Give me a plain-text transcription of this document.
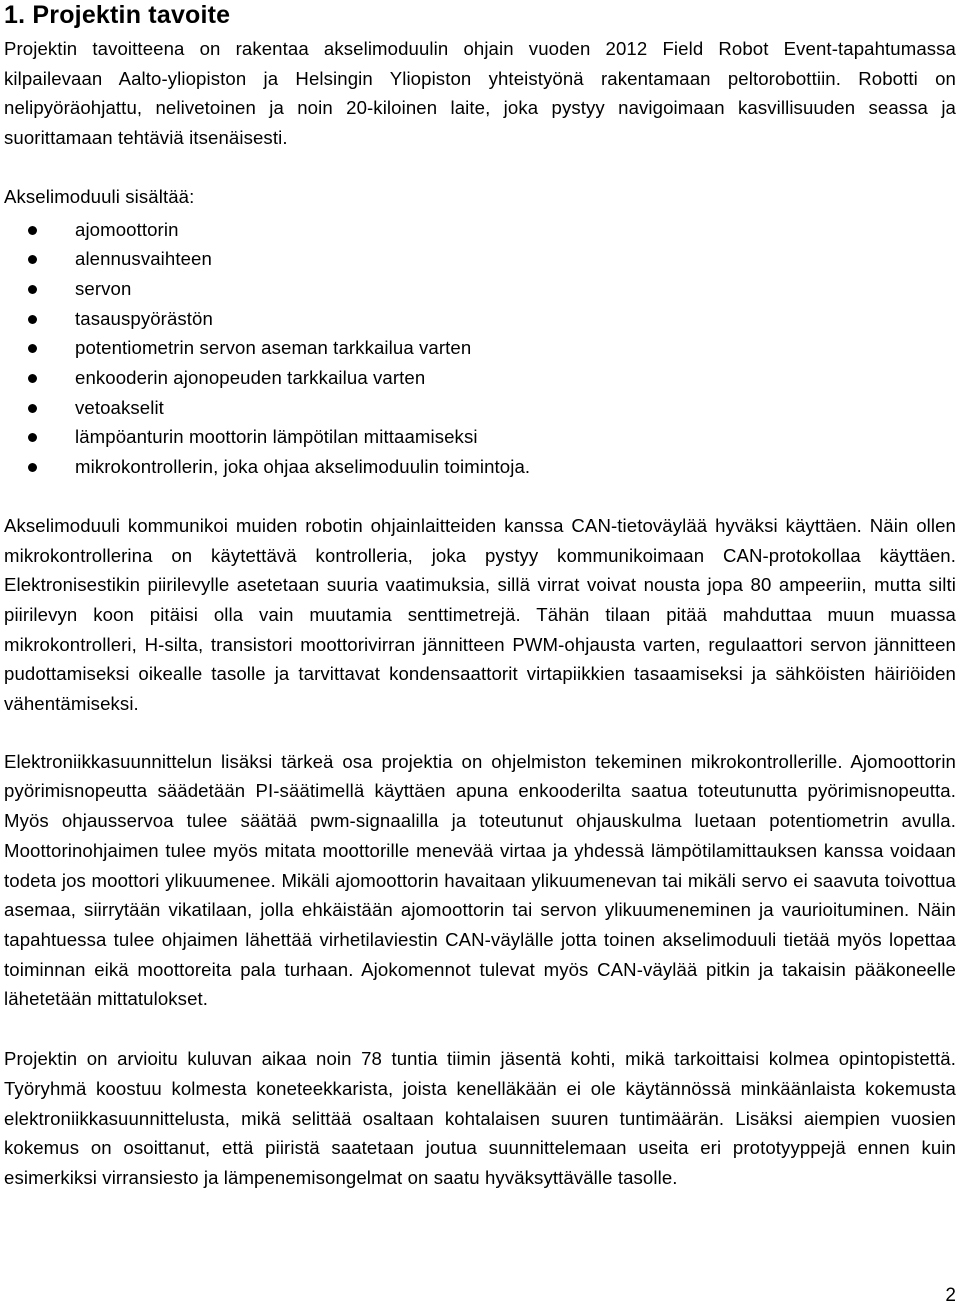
1. Projektin tavoite

Projektin tavoitteena on rakentaa akselimoduulin ohjain vuoden 2012 Field Robot Event-tapahtumassa kilpailevaan Aalto-yliopiston ja Helsingin Yliopiston yhteistyönä rakentamaan peltorobottiin. Robotti on nelipyöräohjattu, nelivetoinen ja noin 20-kiloinen laite, joka pystyy navigoimaan kasvillisuuden seassa ja suorittamaan tehtäviä itsenäisesti.

Akselimoduuli sisältää:

ajomoottorin
alennusvaihteen
servon
tasauspyörästön
potentiometrin servon aseman tarkkailua varten
enkooderin ajonopeuden tarkkailua varten
vetoakselit
lämpöanturin moottorin lämpötilan mittaamiseksi
mikrokontrollerin, joka ohjaa akselimoduulin toimintoja.

Akselimoduuli kommunikoi muiden robotin ohjainlaitteiden kanssa CAN-tietoväylää hyväksi käyttäen. Näin ollen mikrokontrollerina on käytettävä kontrolleria, joka pystyy kommunikoimaan CAN-protokollaa käyttäen. Elektronisestikin piirilevylle asetetaan suuria vaatimuksia, sillä virrat voivat nousta jopa 80 ampeeriin, mutta silti piirilevyn koon pitäisi olla vain muutamia senttimetrejä. Tähän tilaan pitää mahduttaa muun muassa mikrokontrolleri, H-silta, transistori moottorivirran jännitteen PWM-ohjausta varten, regulaattori servon jännitteen pudottamiseksi oikealle tasolle ja tarvittavat kondensaattorit virtapiikkien tasaamiseksi ja sähköisten häiriöiden vähentämiseksi.

Elektroniikkasuunnittelun lisäksi tärkeä osa projektia on ohjelmiston tekeminen mikrokontrollerille. Ajomoottorin pyörimisnopeutta säädetään PI-säätimellä käyttäen apuna enkooderilta saatua toteutunutta pyörimisnopeutta. Myös ohjausservoa tulee säätää pwm-signaalilla ja toteutunut ohjauskulma luetaan potentiometrin avulla. Moottorinohjaimen tulee myös mitata moottorille menevää virtaa ja yhdessä lämpötilamittauksen kanssa voidaan todeta jos moottori ylikuumenee. Mikäli ajomoottorin havaitaan ylikuumenevan tai mikäli servo ei saavuta toivottua asemaa, siirrytään vikatilaan, jolla ehkäistään ajomoottorin tai servon ylikuumeneminen ja vaurioituminen. Näin tapahtuessa tulee ohjaimen lähettää virhetilaviestin CAN-väylälle jotta toinen akselimoduuli tietää myös lopettaa toiminnan eikä moottoreita pala turhaan. Ajokomennot tulevat myös CAN-väylää pitkin ja takaisin pääkoneelle lähetetään mittatulokset.

Projektin on arvioitu kuluvan aikaa noin 78 tuntia tiimin jäsentä kohti, mikä tarkoittaisi kolmea opintopistettä. Työryhmä koostuu kolmesta koneteekkarista, joista kenelläkään ei ole käytännössä minkäänlaista kokemusta elektroniikkasuunnittelusta, mikä selittää osaltaan kohtalaisen suuren tuntimäärän. Lisäksi aiempien vuosien kokemus on osoittanut, että piiristä saatetaan joutua suunnittelemaan useita eri prototyyppejä ennen kuin esimerkiksi virransiesto ja lämpenemisongelmat on saatu hyväksyttävälle tasolle.

2
